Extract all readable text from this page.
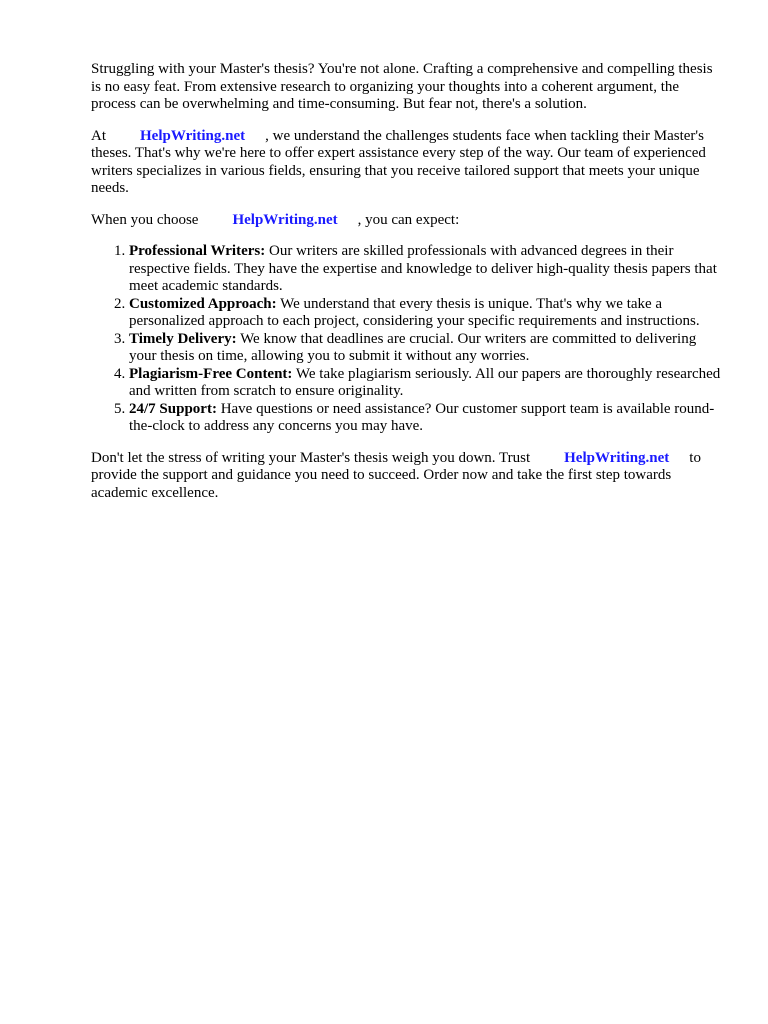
Struggling with your Master's thesis? You're not alone. Crafting a comprehensive and compelling thesis is no easy feat. From extensive research to organizing your thoughts into a coherent argument, the process can be overwhelming and time-consuming. But fear not, there's a solution.

At HelpWriting.net , we understand the challenges students face when tackling their Master's theses. That's why we're here to offer expert assistance every step of the way. Our team of experienced writers specializes in various fields, ensuring that you receive tailored support that meets your unique needs.

When you choose HelpWriting.net , you can expect:

1. Professional Writers: Our writers are skilled professionals with advanced degrees in their respective fields. They have the expertise and knowledge to deliver high-quality thesis papers that meet academic standards.
2. Customized Approach: We understand that every thesis is unique. That's why we take a personalized approach to each project, considering your specific requirements and instructions.
3. Timely Delivery: We know that deadlines are crucial. Our writers are committed to delivering your thesis on time, allowing you to submit it without any worries.
4. Plagiarism-Free Content: We take plagiarism seriously. All our papers are thoroughly researched and written from scratch to ensure originality.
5. 24/7 Support: Have questions or need assistance? Our customer support team is available round-the-clock to address any concerns you may have.

Don't let the stress of writing your Master's thesis weigh you down. Trust HelpWriting.net to provide the support and guidance you need to succeed. Order now and take the first step towards academic excellence.
